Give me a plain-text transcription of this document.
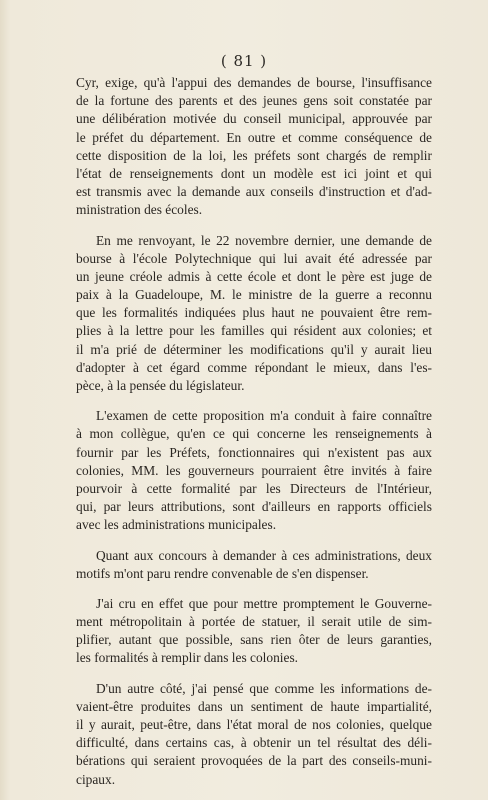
( 81 )
Cyr, exige, qu'à l'appui des demandes de bourse, l'insuffisance
de la fortune des parents et des jeunes gens soit constatée par
une délibération motivée du conseil municipal, approuvée par
le préfet du département. En outre et comme conséquence de
cette disposition de la loi, les préfets sont chargés de remplir
l'état de renseignements dont un modèle est ici joint et qui
est transmis avec la demande aux conseils d'instruction et d'ad-
ministration des écoles.
En me renvoyant, le 22 novembre dernier, une demande de
bourse à l'école Polytechnique qui lui avait été adressée par
un jeune créole admis à cette école et dont le père est juge de
paix à la Guadeloupe, M. le ministre de la guerre a reconnu
que les formalités indiquées plus haut ne pouvaient être rem-
plies à la lettre pour les familles qui résident aux colonies; et
il m'a prié de déterminer les modifications qu'il y aurait lieu
d'adopter à cet égard comme répondant le mieux, dans l'es-
pèce, à la pensée du législateur.
L'examen de cette proposition m'a conduit à faire connaître
à mon collègue, qu'en ce qui concerne les renseignements à
fournir par les Préfets, fonctionnaires qui n'existent pas aux
colonies, MM. les gouverneurs pourraient être invités à faire
pourvoir à cette formalité par les Directeurs de l'Intérieur,
qui, par leurs attributions, sont d'ailleurs en rapports officiels
avec les administrations municipales.
Quant aux concours à demander à ces administrations, deux
motifs m'ont paru rendre convenable de s'en dispenser.
J'ai cru en effet que pour mettre promptement le Gouverne-
ment métropolitain à portée de statuer, il serait utile de sim-
plifier, autant que possible, sans rien ôter de leurs garanties,
les formalités à remplir dans les colonies.
D'un autre côté, j'ai pensé que comme les informations de-
vaient-être produites dans un sentiment de haute impartialité,
il y aurait, peut-être, dans l'état moral de nos colonies, quelque
difficulté, dans certains cas, à obtenir un tel résultat des déli-
bérations qui seraient provoquées de la part des conseils-muni-
cipaux.
